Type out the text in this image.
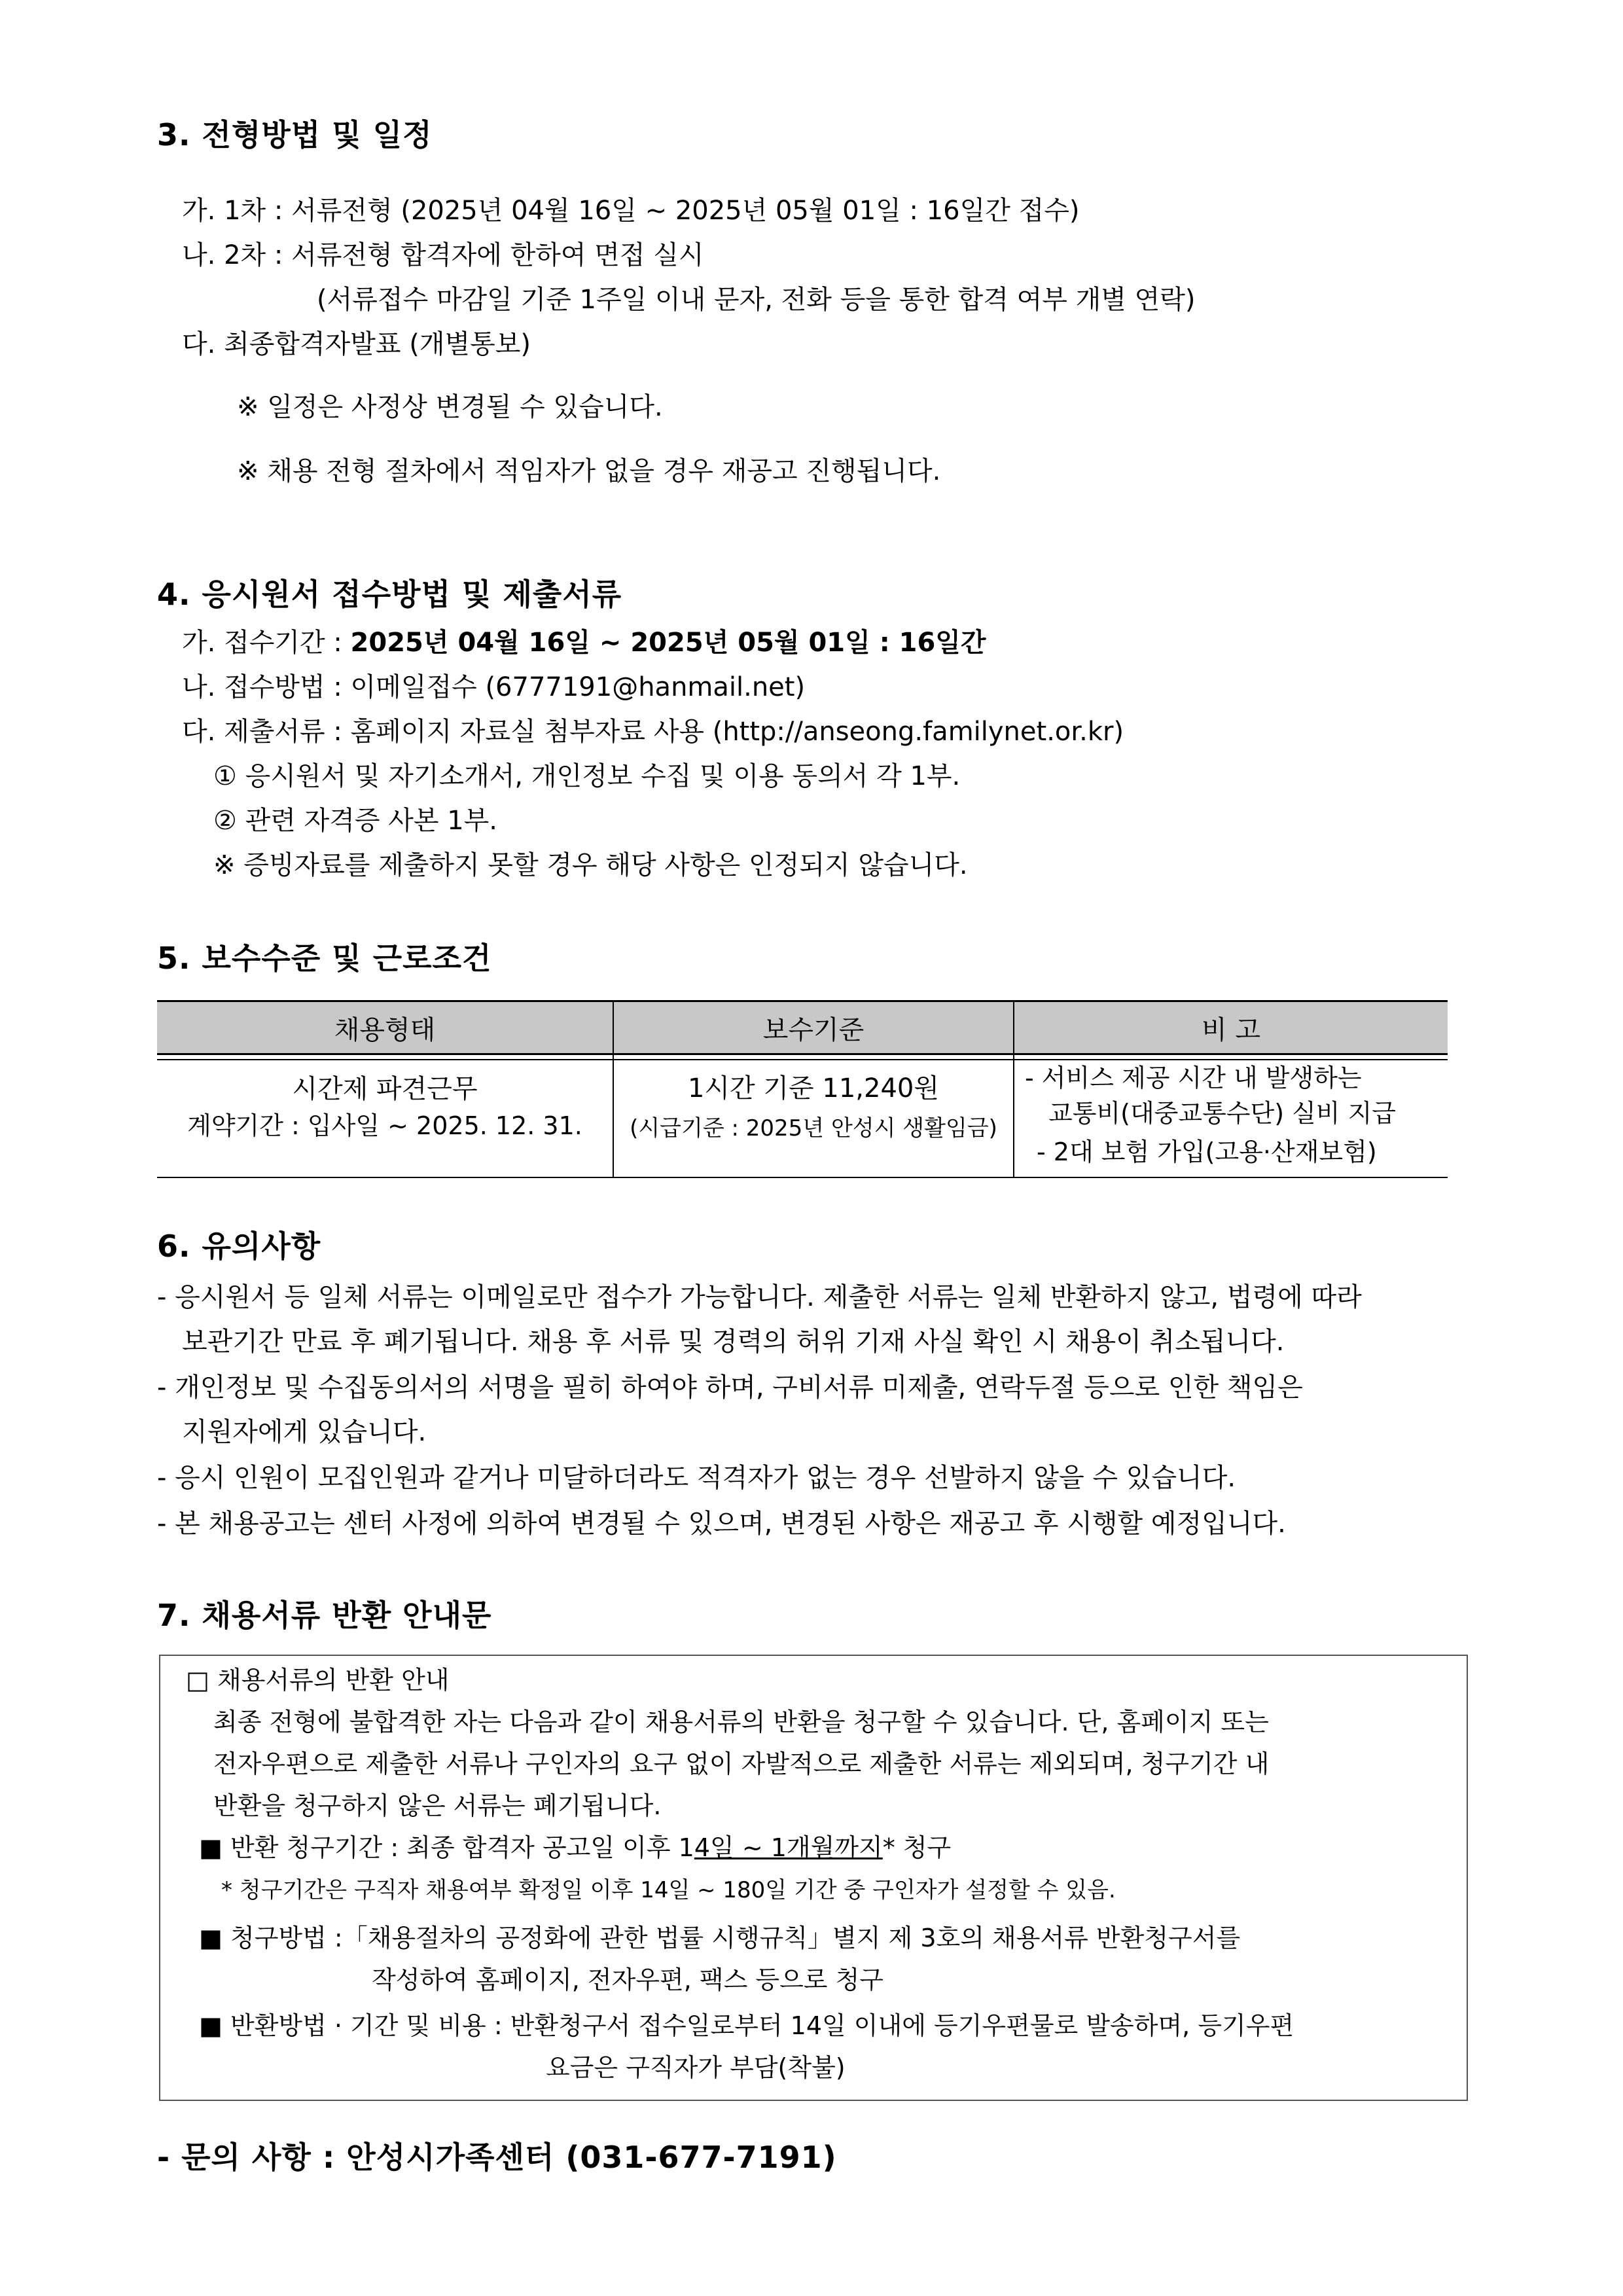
3. 전형방법 및 일정
가. 1차 : 서류전형 (2025년 04월 16일 ~ 2025년 05월 01일 : 16일간 접수)
나. 2차 : 서류전형 합격자에 한하여 면접 실시
(서류접수 마감일 기준 1주일 이내 문자, 전화 등을 통한 합격 여부 개별 연락)
다. 최종합격자발표 (개별통보)
※ 일정은 사정상 변경될 수 있습니다.
※ 채용 전형 절차에서 적임자가 없을 경우 재공고 진행됩니다.
4. 응시원서 접수방법 및 제출서류
가. 접수기간 : 2025년 04월 16일 ~ 2025년 05월 01일 : 16일간
나. 접수방법 : 이메일접수 (6777191@hanmail.net)
다. 제출서류 : 홈페이지 자료실 첨부자료 사용 (http://anseong.familynet.or.kr)
① 응시원서 및 자기소개서, 개인정보 수집 및 이용 동의서 각 1부.
② 관련 자격증 사본 1부.
※ 증빙자료를 제출하지 못할 경우 해당 사항은 인정되지 않습니다.
5. 보수수준 및 근로조건
채용형태	보수기준	비 고
시간제 파견근무
계약기간 : 입사일 ~ 2025. 12. 31.
1시간 기준 11,240원
(시급기준 : 2025년 안성시 생활임금)
- 서비스 제공 시간 내 발생하는
교통비(대중교통수단) 실비 지급
- 2대 보험 가입(고용·산재보험)
6. 유의사항
- 응시원서 등 일체 서류는 이메일로만 접수가 가능합니다. 제출한 서류는 일체 반환하지 않고, 법령에 따라
보관기간 만료 후 폐기됩니다. 채용 후 서류 및 경력의 허위 기재 사실 확인 시 채용이 취소됩니다.
- 개인정보 및 수집동의서의 서명을 필히 하여야 하며, 구비서류 미제출, 연락두절 등으로 인한 책임은
지원자에게 있습니다.
- 응시 인원이 모집인원과 같거나 미달하더라도 적격자가 없는 경우 선발하지 않을 수 있습니다.
- 본 채용공고는 센터 사정에 의하여 변경될 수 있으며, 변경된 사항은 재공고 후 시행할 예정입니다.
7. 채용서류 반환 안내문
□ 채용서류의 반환 안내
최종 전형에 불합격한 자는 다음과 같이 채용서류의 반환을 청구할 수 있습니다. 단, 홈페이지 또는
전자우편으로 제출한 서류나 구인자의 요구 없이 자발적으로 제출한 서류는 제외되며, 청구기간 내
반환을 청구하지 않은 서류는 폐기됩니다.
■ 반환 청구기간 : 최종 합격자 공고일 이후 14일 ~ 1개월까지* 청구
* 청구기간은 구직자 채용여부 확정일 이후 14일 ~ 180일 기간 중 구인자가 설정할 수 있음.
■ 청구방법 :「채용절차의 공정화에 관한 법률 시행규칙」별지 제 3호의 채용서류 반환청구서를
작성하여 홈페이지, 전자우편, 팩스 등으로 청구
■ 반환방법 · 기간 및 비용 : 반환청구서 접수일로부터 14일 이내에 등기우편물로 발송하며, 등기우편
요금은 구직자가 부담(착불)
- 문의 사항 : 안성시가족센터 (031-677-7191)
